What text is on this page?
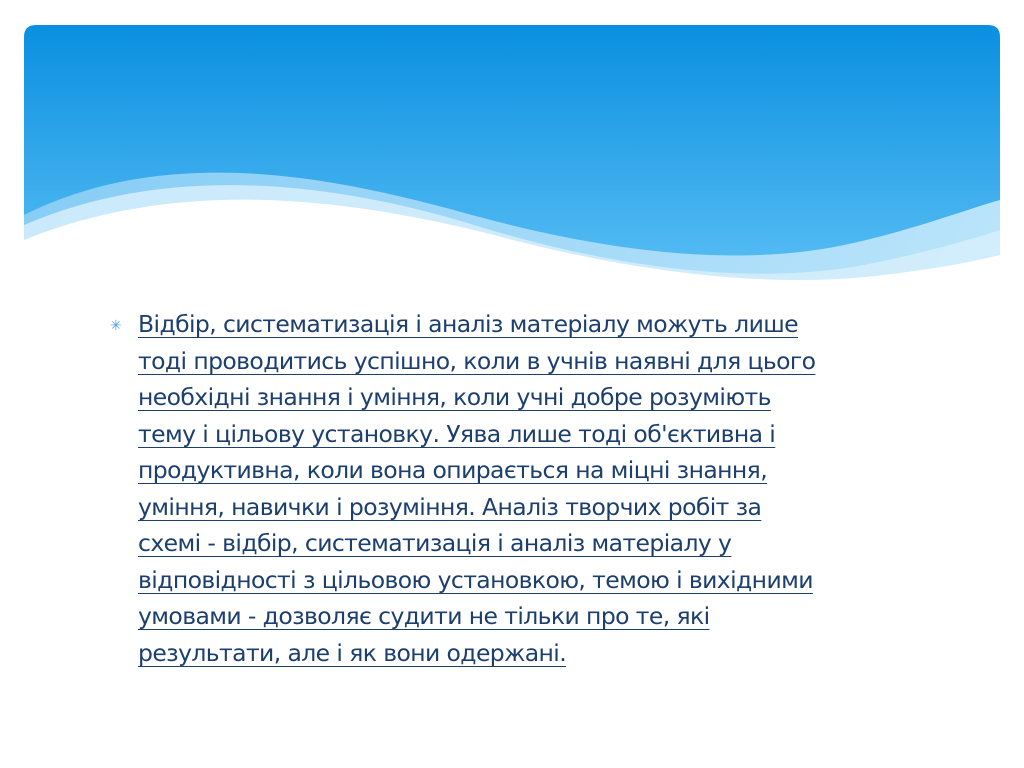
✳ Відбір, систематизація і аналіз матеріалу можуть лише
тоді проводитись успішно, коли в учнів наявні для цього
необхідні знання і уміння, коли учні добре розуміють
тему і цільову установку. Уява лише тоді об'єктивна і
продуктивна, коли вона опирається на міцні знання,
уміння, навички і розуміння. Аналіз творчих робіт за
схемі - відбір, систематизація і аналіз матеріалу у
відповідності з цільовою установкою, темою і вихідними
умовами - дозволяє судити не тільки про те, які
результати, але і як вони одержані.
